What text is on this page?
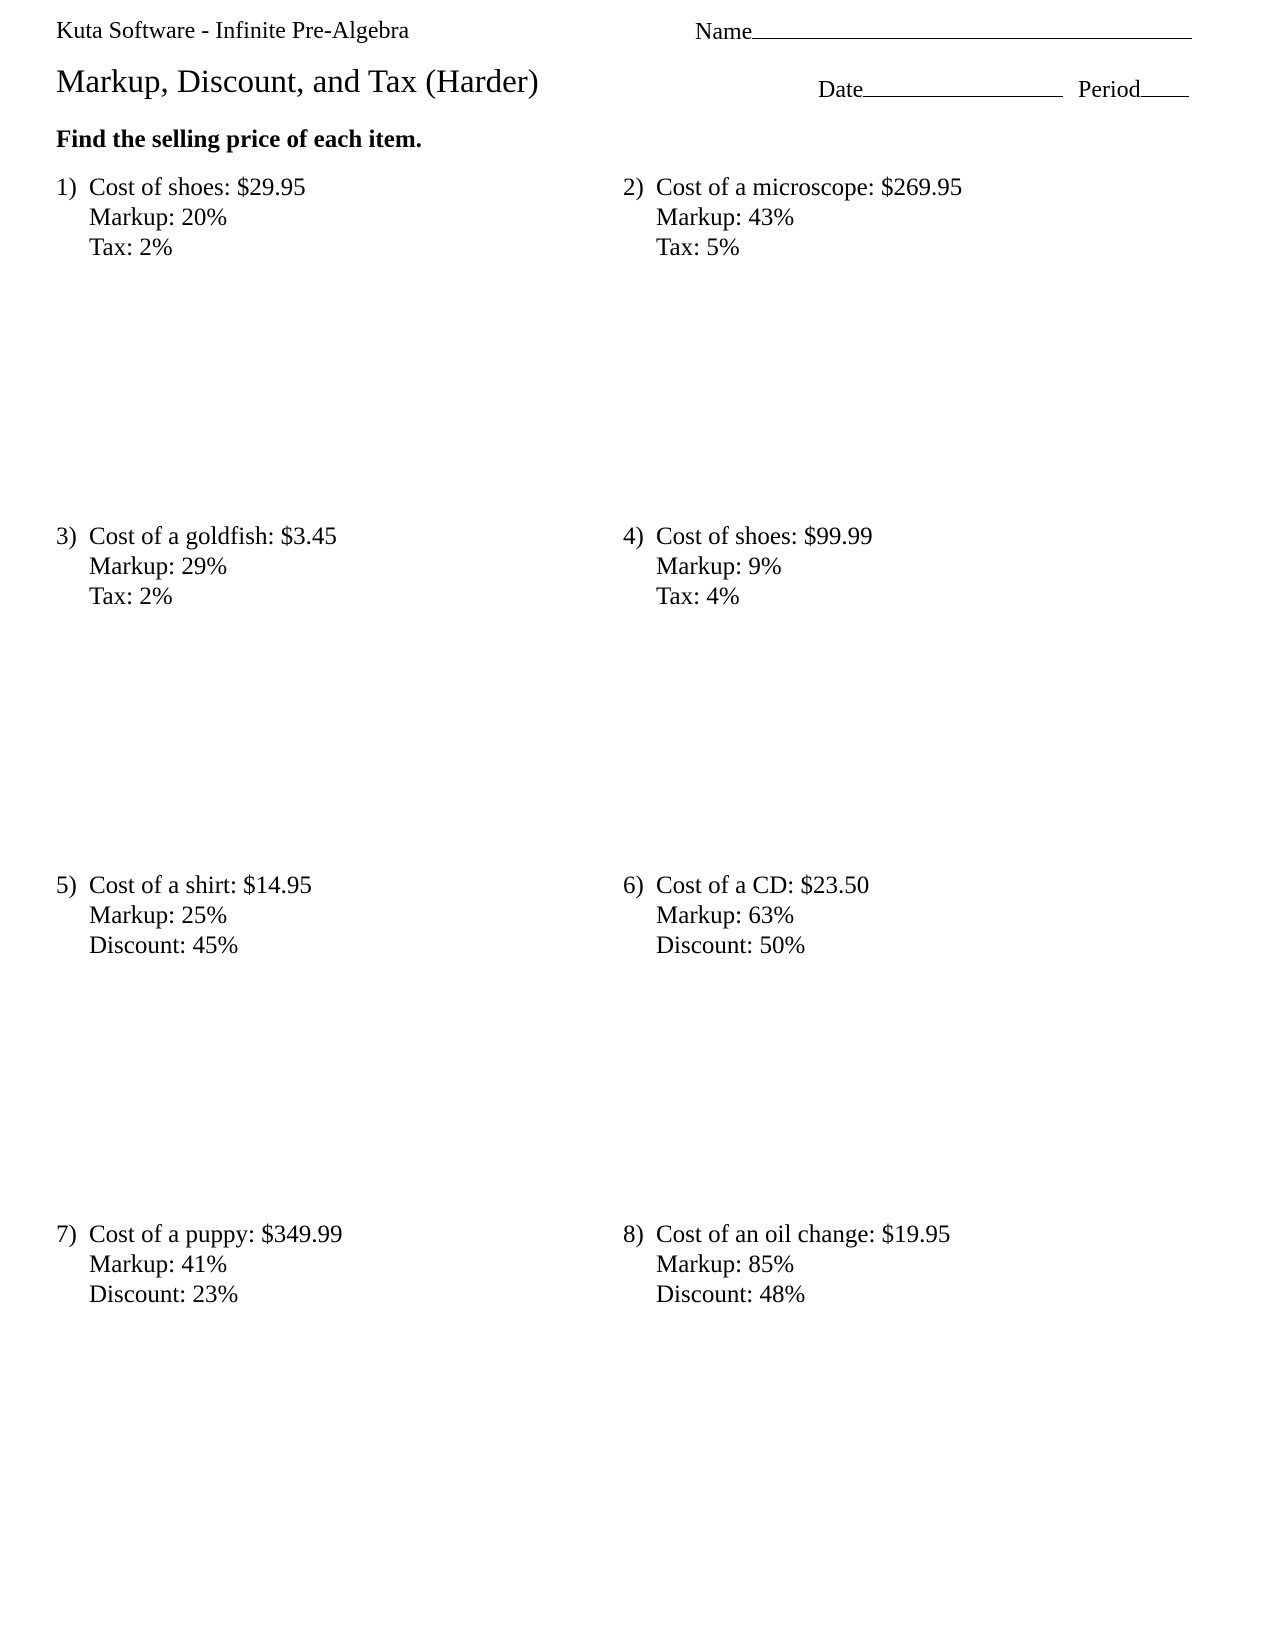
Kuta Software - Infinite Pre-Algebra
Markup, Discount, and Tax (Harder)
Name
Date	Period
Find the selling price of each item.
1) Cost of shoes: $29.95
Markup: 20%
Tax: 2%
2) Cost of a microscope: $269.95
Markup: 43%
Tax: 5%
3) Cost of a goldfish: $3.45
Markup: 29%
Tax: 2%
4) Cost of shoes: $99.99
Markup: 9%
Tax: 4%
5) Cost of a shirt: $14.95
Markup: 25%
Discount: 45%
6) Cost of a CD: $23.50
Markup: 63%
Discount: 50%
7) Cost of a puppy: $349.99
Markup: 41%
Discount: 23%
8) Cost of an oil change: $19.95
Markup: 85%
Discount: 48%
